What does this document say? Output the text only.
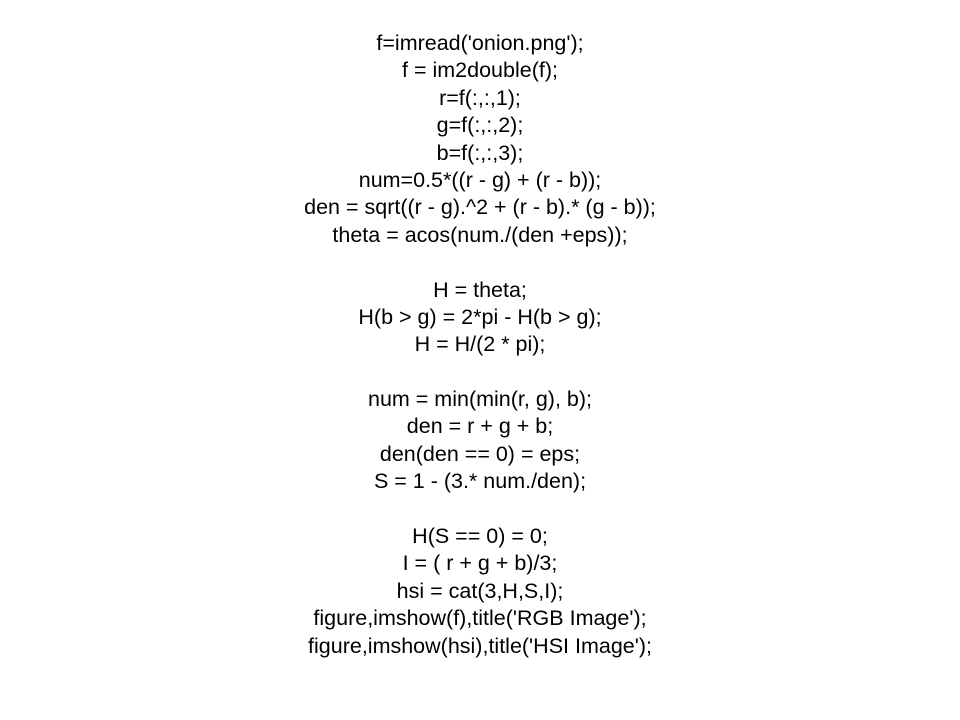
f=imread('onion.png');
f = im2double(f);
r=f(:,:,1);
g=f(:,:,2);
b=f(:,:,3);
num=0.5*((r - g) + (r - b));
den = sqrt((r - g).^2 + (r - b).* (g - b));
theta = acos(num./(den +eps));
H = theta;
H(b > g) = 2*pi - H(b > g);
H = H/(2 * pi);
num = min(min(r, g), b);
den = r + g + b;
den(den == 0) = eps;
S = 1 - (3.* num./den);
H(S == 0) = 0;
I = ( r + g + b)/3;
hsi = cat(3,H,S,I);
figure,imshow(f),title('RGB Image');
figure,imshow(hsi),title('HSI Image');
